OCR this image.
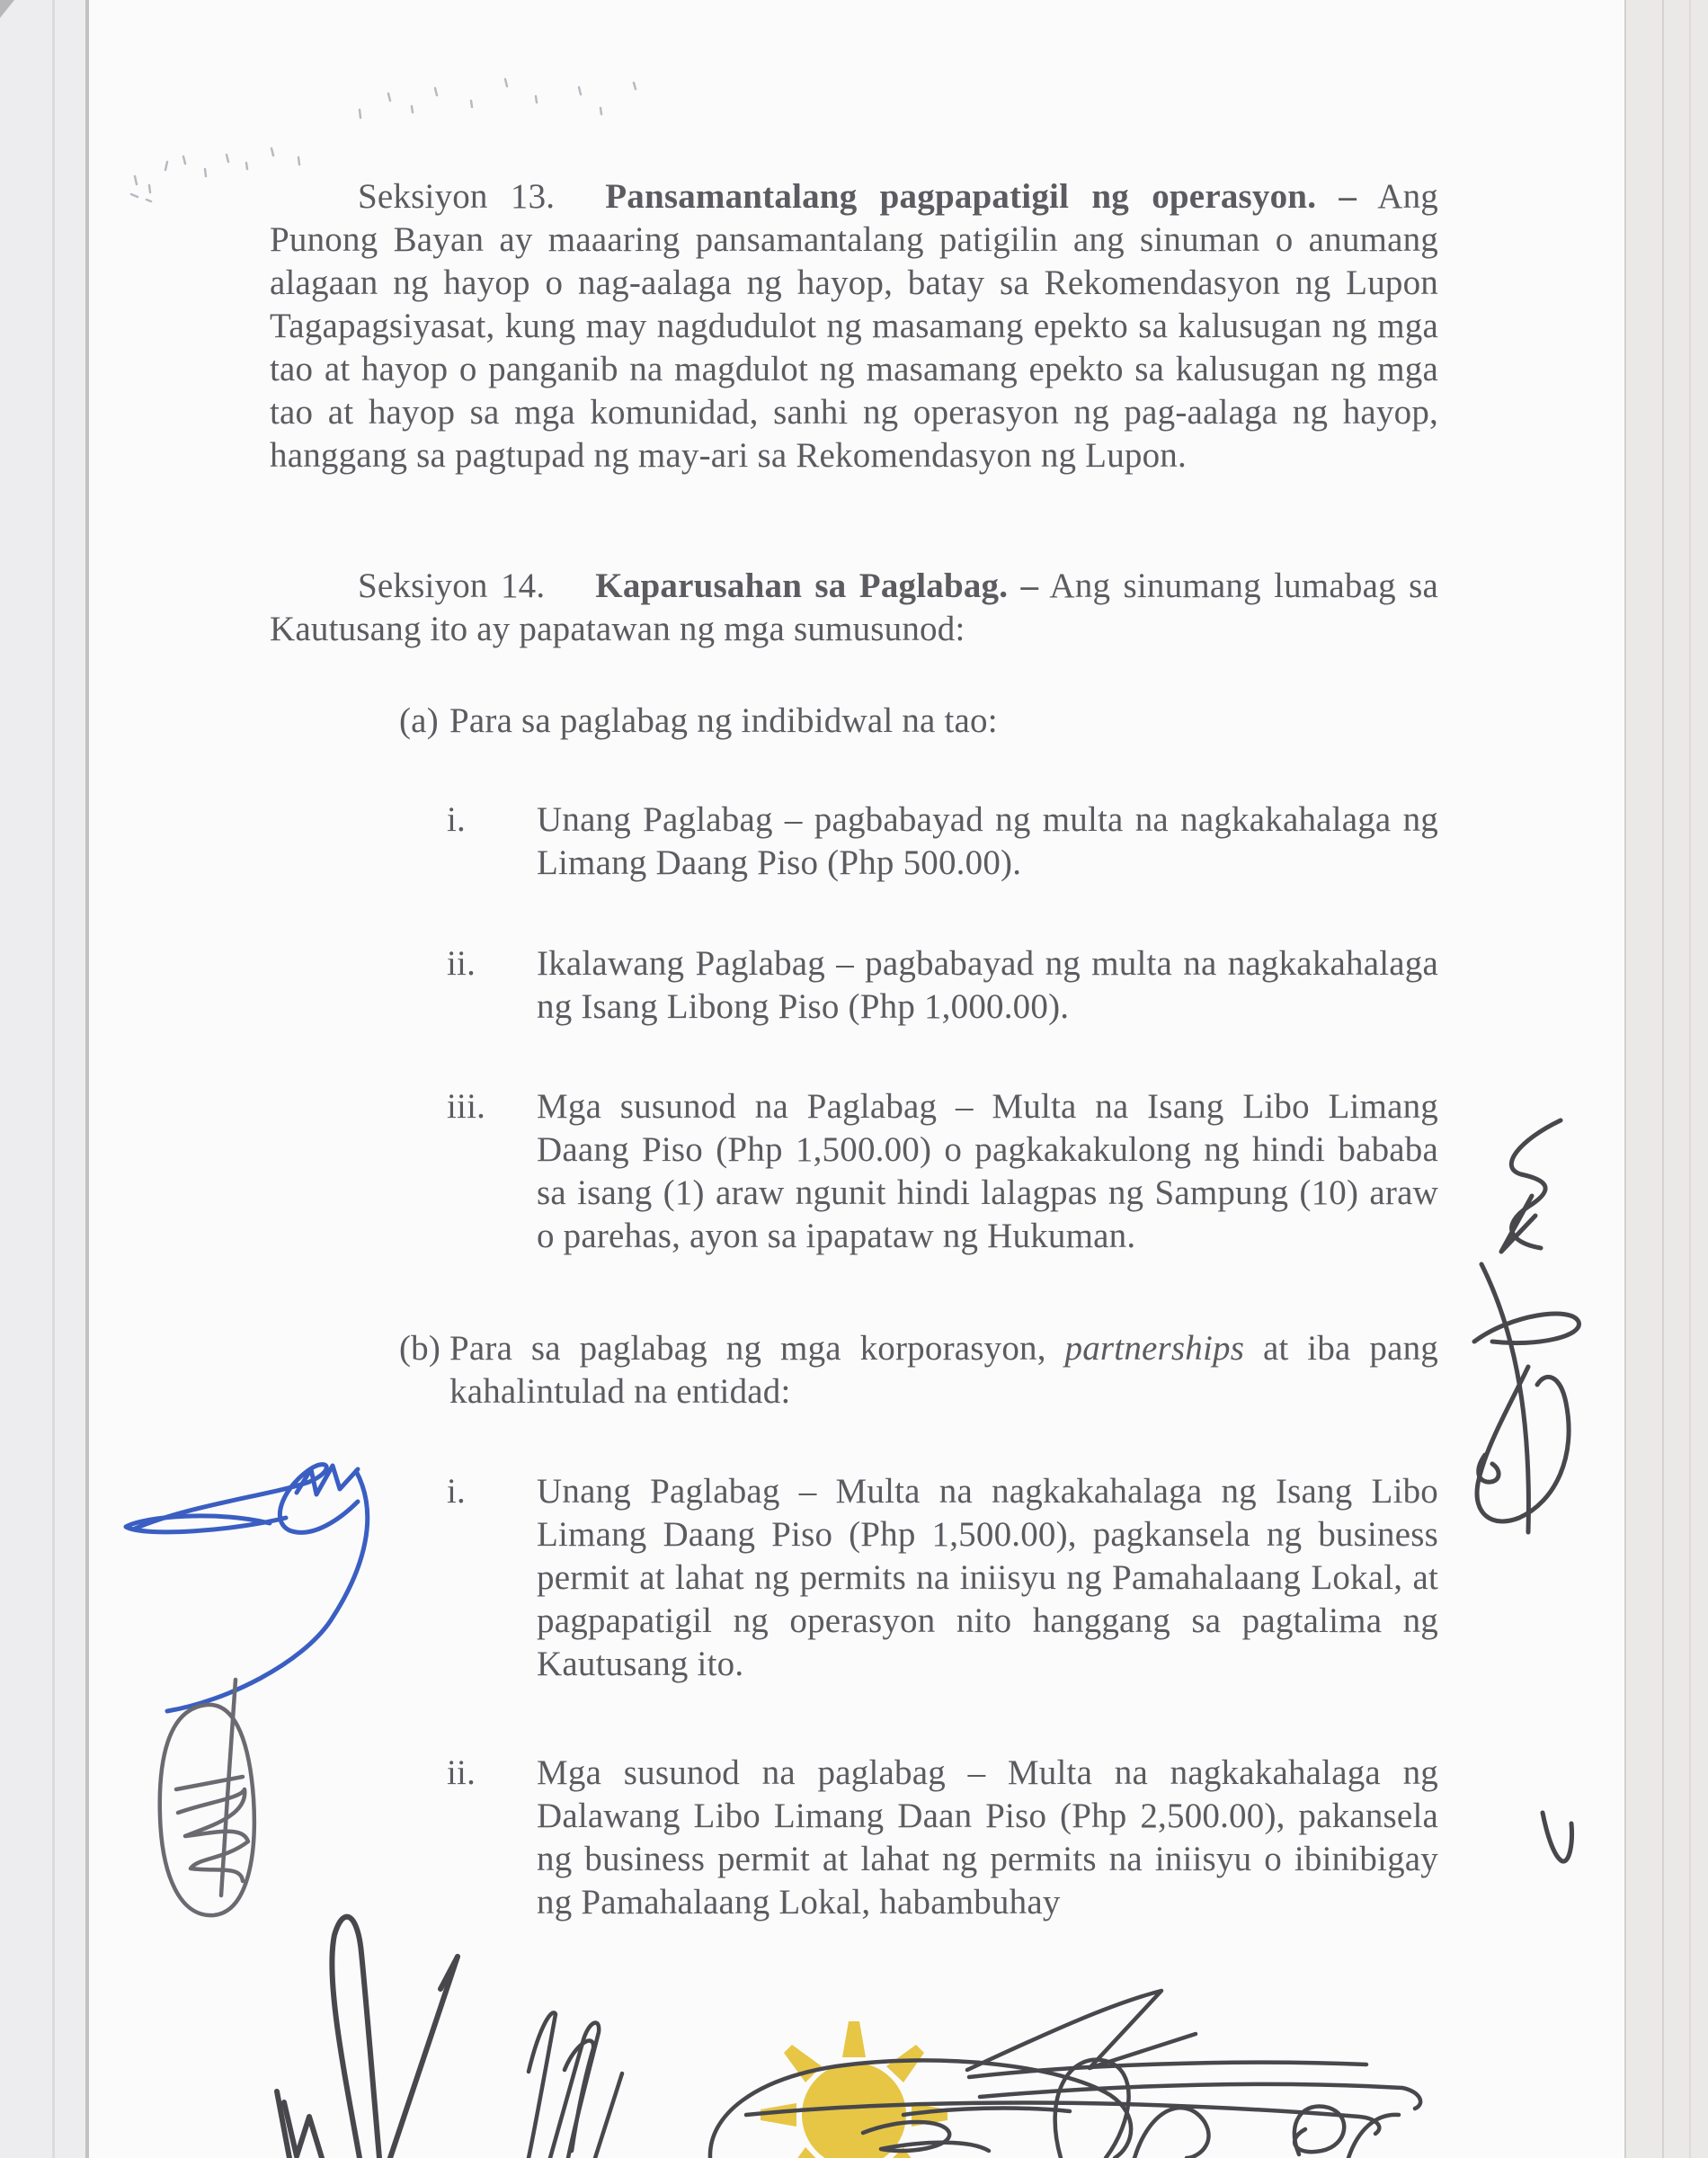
Seksiyon 13. Pansamantalang pagpapatigil ng operasyon. – Ang Punong Bayan ay maaaring pansamantalang patigilin ang sinuman o anumang alagaan ng hayop o nag-aalaga ng hayop, batay sa Rekomendasyon ng Lupon Tagapagsiyasat, kung may nagdudulot ng masamang epekto sa kalusugan ng mga tao at hayop o panganib na magdulot ng masamang epekto sa kalusugan ng mga tao at hayop sa mga komunidad, sanhi ng operasyon ng pag-aalaga ng hayop, hanggang sa pagtupad ng may-ari sa Rekomendasyon ng Lupon.

Seksiyon 14. Kaparusahan sa Paglabag. – Ang sinumang lumabag sa Kautusang ito ay papatawan ng mga sumusunod:

(a) Para sa paglabag ng indibidwal na tao:
i.	Unang Paglabag – pagbabayad ng multa na nagkakahalaga ng Limang Daang Piso (Php 500.00).
ii.	Ikalawang Paglabag – pagbabayad ng multa na nagkakahalaga ng Isang Libong Piso (Php 1,000.00).
iii.	Mga susunod na Paglabag – Multa na Isang Libo Limang Daang Piso (Php 1,500.00) o pagkakakulong ng hindi bababa sa isang (1) araw ngunit hindi lalagpas ng Sampung (10) araw o parehas, ayon sa ipapataw ng Hukuman.
(b) Para sa paglabag ng mga korporasyon, partnerships at iba pang kahalintulad na entidad:
i.	Unang Paglabag – Multa na nagkakahalaga ng Isang Libo Limang Daang Piso (Php 1,500.00), pagkansela ng business permit at lahat ng permits na iniisyu ng Pamahalaang Lokal, at pagpapatigil ng operasyon nito hanggang sa pagtalima ng Kautusang ito.
ii.	Mga susunod na paglabag – Multa na nagkakahalaga ng Dalawang Libo Limang Daan Piso (Php 2,500.00), pakansela ng business permit at lahat ng permits na iniisyu o ibinibigay ng Pamahalaang Lokal, habambuhay
